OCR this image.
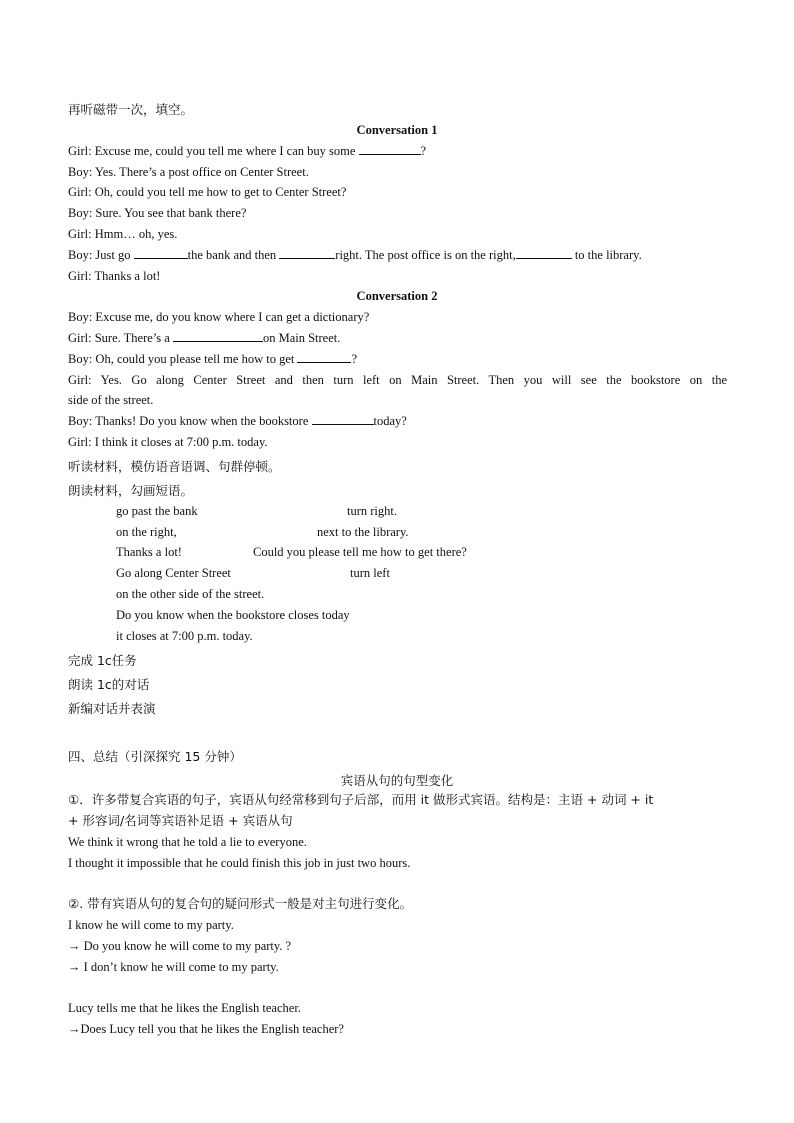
再听磁带一次，填空。
Conversation 1
Girl: Excuse me, could you tell me where I can buy some	?
Boy: Yes. There’s a post office on Center Street.
Girl: Oh, could you tell me how to get to Center Street?
Boy: Sure. You see that bank there?
Girl: Hmm… oh, yes.
Boy: Just go	the bank and then	right. The post office is on the right,	to the library.
Girl: Thanks a lot!
Conversation 2
Boy: Excuse me, do you know where I can get a dictionary?
Girl: Sure. There’s a	on Main Street.
Boy: Oh, could you please tell me how to get	?
Girl: Yes. Go along Center Street and then turn left on Main Street. Then you will see the bookstore on the
side of the street.
Boy: Thanks! Do you know when the bookstore	today?
Girl: I think it closes at 7:00 p.m. today.
听读材料，模仿语音语调、句群停顿。
朗读材料，勾画短语。
go past the bank	turn right.
on the right,	next to the library.
Thanks a lot!	Could you please tell me how to get there?
Go along Center Street	turn left
on the other side of the street.
Do you know when the bookstore closes today
it closes at 7:00 p.m. today.
完成 1c任务
朗读 1c的对话
新编对话并表演
四、总结（引深探究 15 分钟）
宾语从句的句型变化
①．许多带复合宾语的句子，宾语从句经常移到句子后部，而用 it 做形式宾语。结构是：主语 + 动词 + it
+ 形容词/名词等宾语补足语 + 宾语从句
We think it wrong that he told a lie to everyone.
I thought it impossible that he could finish this job in just two hours.
②. 带有宾语从句的复合句的疑问形式一般是对主句进行变化。
I know he will come to my party.
→ Do you know he will come to my party. ?
→ I don’t know he will come to my party.
Lucy tells me that he likes the English teacher.
→Does Lucy tell you that he likes the English teacher?
